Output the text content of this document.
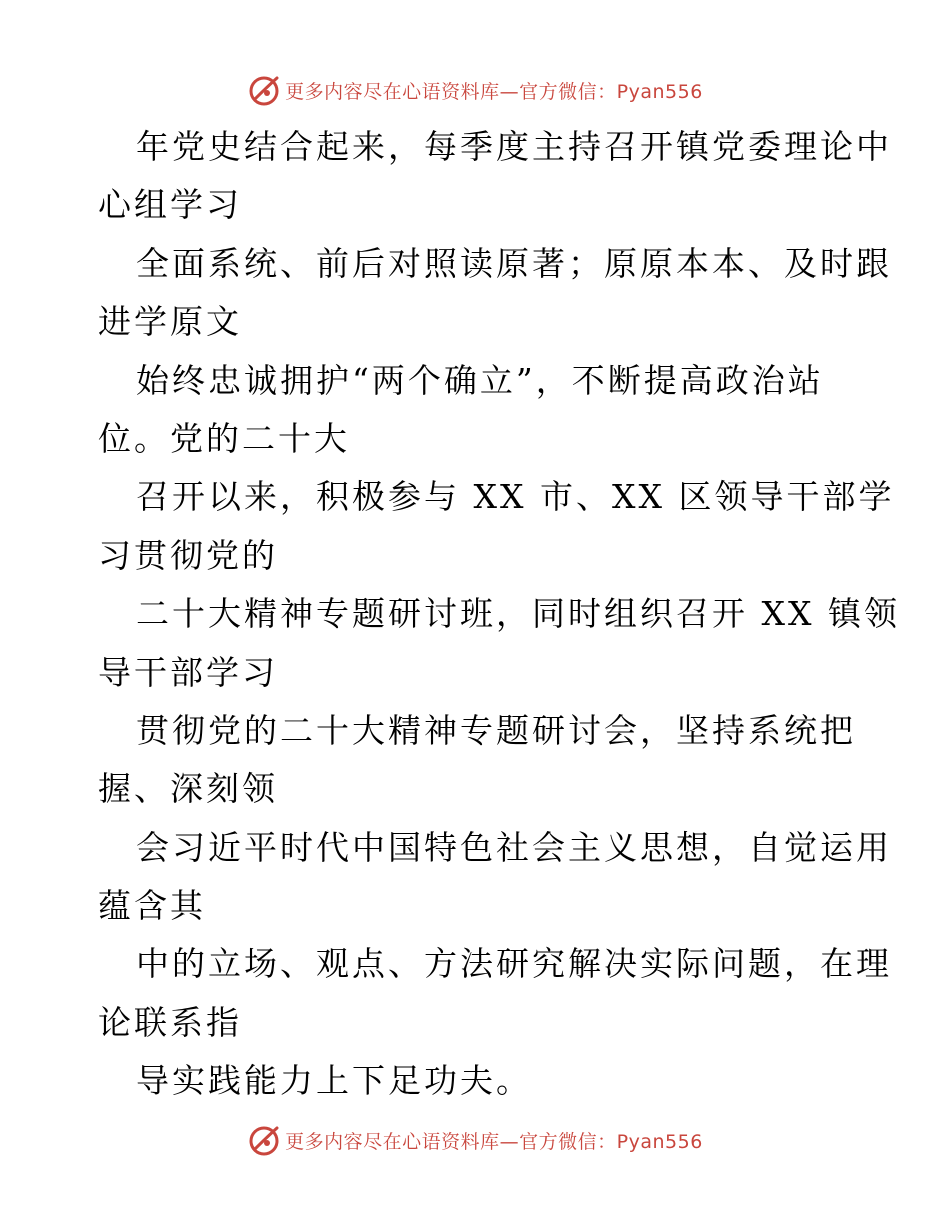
更多内容尽在心语资料库—官方微信：Pyan556
年党史结合起来，每季度主持召开镇党委理论中
心组学习
全面系统、前后对照读原著；原原本本、及时跟
进学原文
始终忠诚拥护“两个确立”，不断提高政治站
位。党的二十大
召开以来，积极参与 XX 市、XX 区领导干部学
习贯彻党的
二十大精神专题研讨班，同时组织召开 XX 镇领
导干部学习
贯彻党的二十大精神专题研讨会，坚持系统把
握、深刻领
会习近平时代中国特色社会主义思想，自觉运用
蕴含其
中的立场、观点、方法研究解决实际问题，在理
论联系指
导实践能力上下足功夫。
更多内容尽在心语资料库—官方微信：Pyan556
